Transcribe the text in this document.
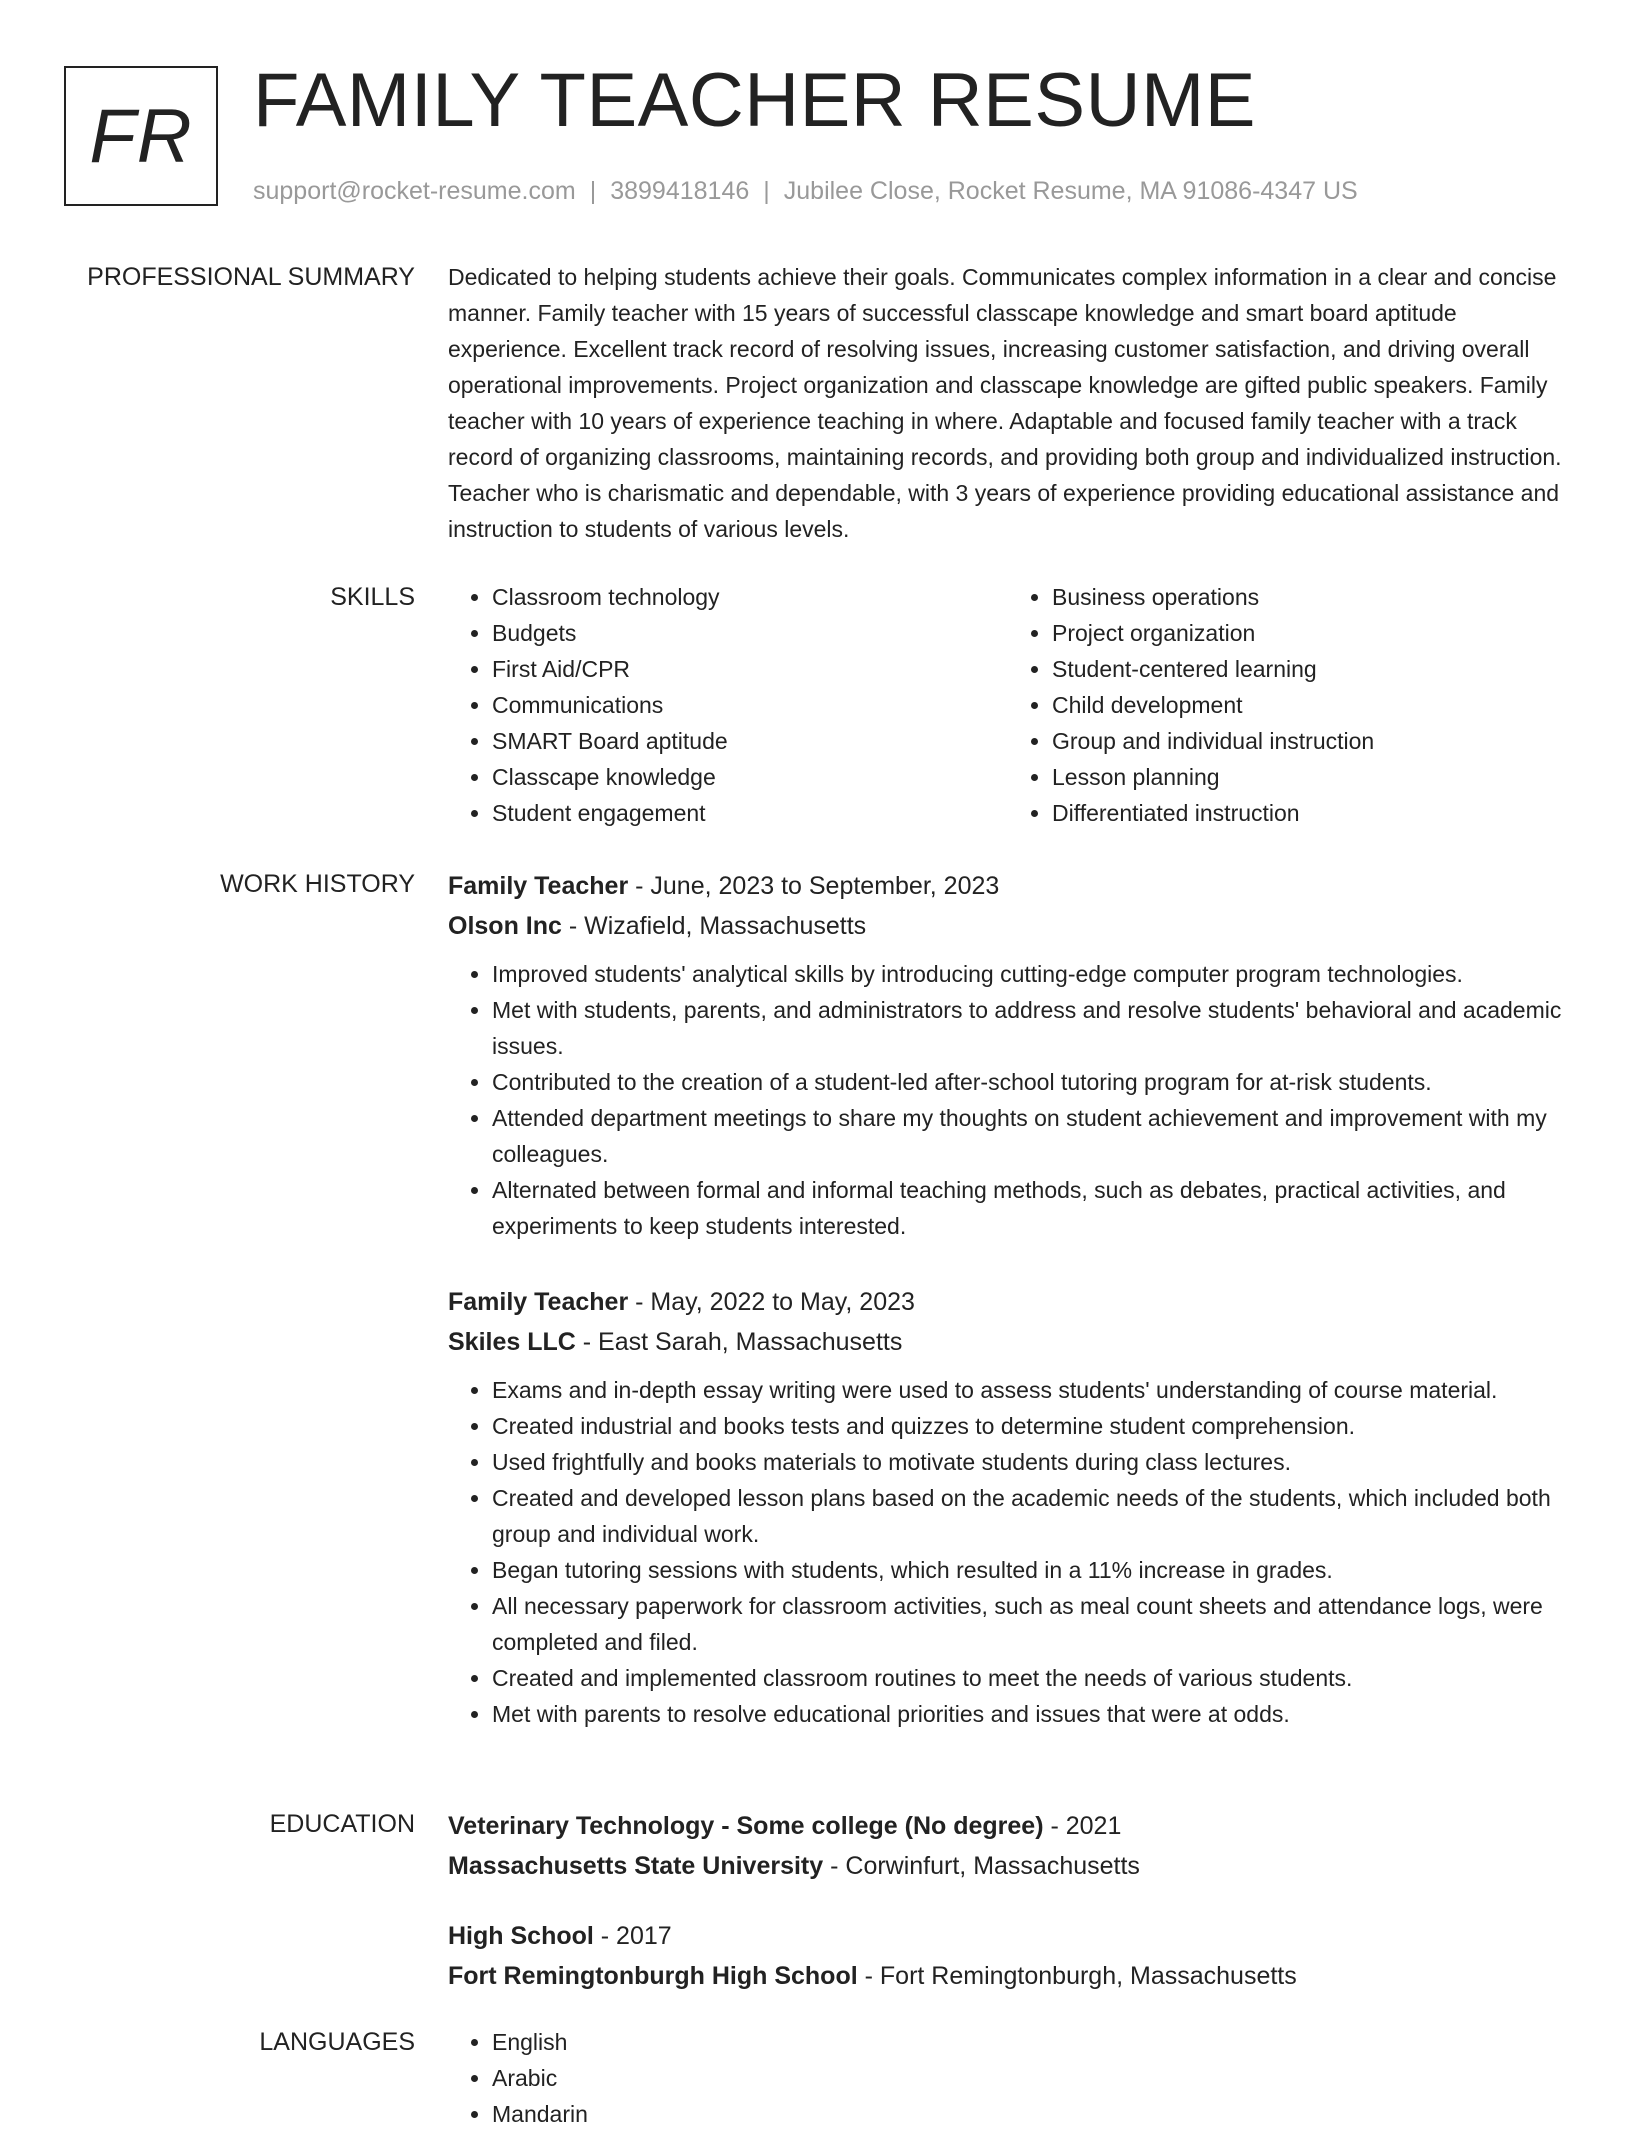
FR FAMILY TEACHER RESUME
support@rocket-resume.com | 3899418146 | Jubilee Close, Rocket Resume, MA 91086-4347 US
PROFESSIONAL SUMMARY Dedicated to helping students achieve their goals. Communicates complex information in a clear and concise manner. Family teacher with 15 years of successful classcape knowledge and smart board aptitude experience. Excellent track record of resolving issues, increasing customer satisfaction, and driving overall operational improvements. Project organization and classcape knowledge are gifted public speakers. Family teacher with 10 years of experience teaching in where. Adaptable and focused family teacher with a track record of organizing classrooms, maintaining records, and providing both group and individualized instruction. Teacher who is charismatic and dependable, with 3 years of experience providing educational assistance and instruction to students of various levels.

SKILLS	• Classroom technology
• Budgets
• First Aid/CPR
• Communications
• SMART Board aptitude
• Classcape knowledge
• Student engagement
• Business operations
• Project organization
• Student-centered learning
• Child development
• Group and individual instruction
• Lesson planning
• Differentiated instruction
WORK HISTORY Family Teacher - June, 2023 to September, 2023
Olson Inc - Wizafield, Massachusetts
• Improved students' analytical skills by introducing cutting-edge computer program technologies.
• Met with students, parents, and administrators to address and resolve students' behavioral and academic issues.
• Contributed to the creation of a student-led after-school tutoring program for at-risk students.
• Attended department meetings to share my thoughts on student achievement and improvement with my colleagues.
• Alternated between formal and informal teaching methods, such as debates, practical activities, and experiments to keep students interested.
Family Teacher - May, 2022 to May, 2023
Skiles LLC - East Sarah, Massachusetts
• Exams and in-depth essay writing were used to assess students' understanding of course material.
• Created industrial and books tests and quizzes to determine student comprehension.
• Used frightfully and books materials to motivate students during class lectures.
• Created and developed lesson plans based on the academic needs of the students, which included both group and individual work.
• Began tutoring sessions with students, which resulted in a 11% increase in grades.
• All necessary paperwork for classroom activities, such as meal count sheets and attendance logs, were completed and filed.
• Created and implemented classroom routines to meet the needs of various students.
• Met with parents to resolve educational priorities and issues that were at odds.
EDUCATION Veterinary Technology - Some college (No degree) - 2021
Massachusetts State University - Corwinfurt, Massachusetts
High School - 2017
Fort Remingtonburgh High School - Fort Remingtonburgh, Massachusetts
LANGUAGES	• English
• Arabic
• Mandarin
